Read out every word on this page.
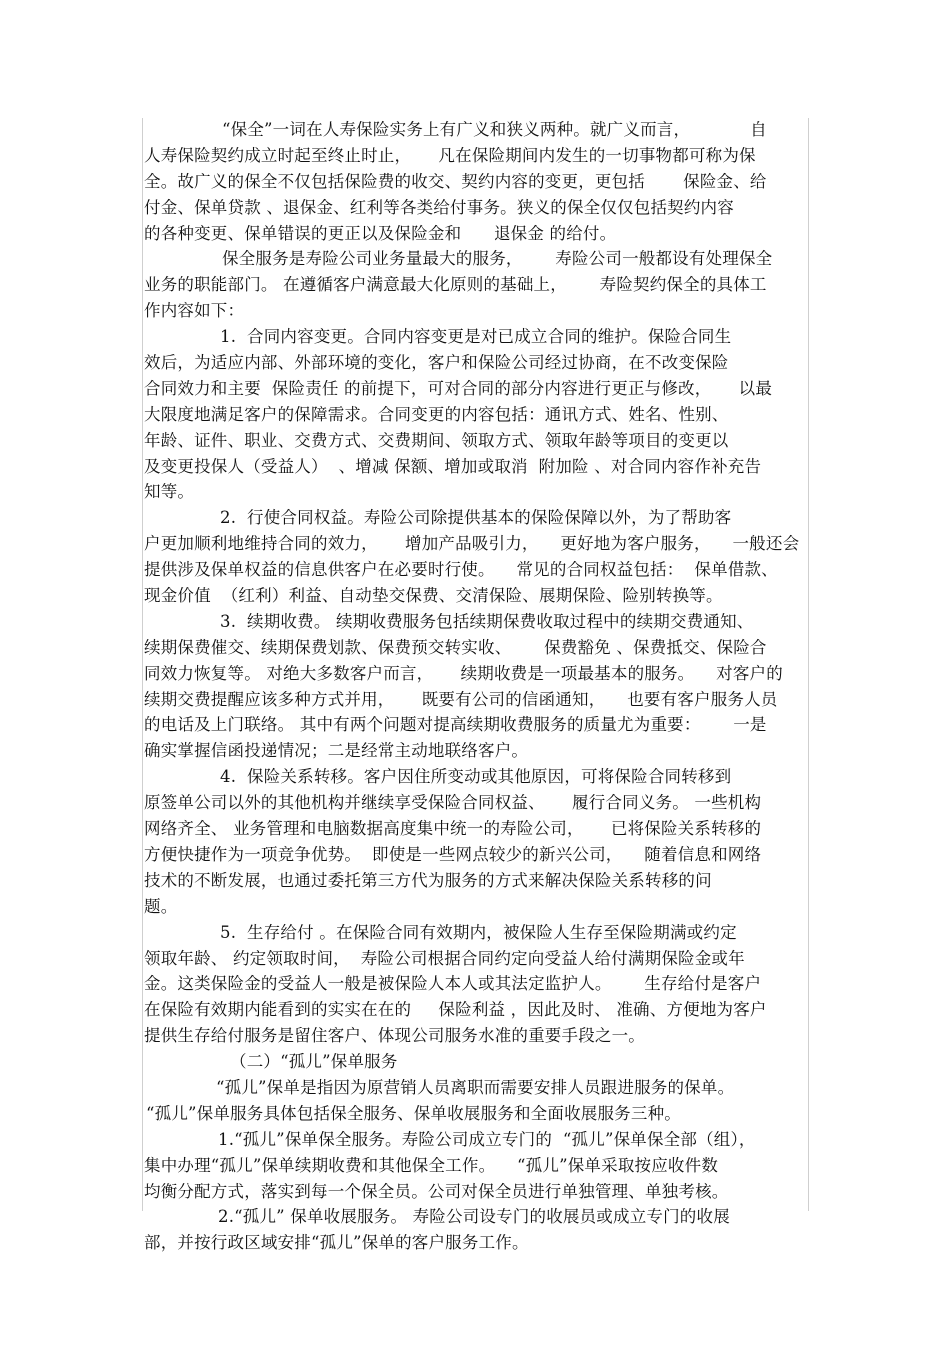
“保全”一词在人寿保险实务上有广义和狭义两种。就广义而言，           自
人寿保险契约成立时起至终止时止，     凡在保险期间内发生的一切事物都可称为保
全。故广义的保全不仅包括保险费的收交、契约内容的变更，更包括       保险金、给
付金、保单贷款 、退保金、红利等各类给付事务。狭义的保全仅仅包括契约内容
的各种变更、保单错误的更正以及保险金和      退保金 的给付。
保全服务是寿险公司业务量最大的服务，      寿险公司一般都设有处理保全
业务的职能部门。 在遵循客户满意最大化原则的基础上，      寿险契约保全的具体工
作内容如下：
1.  合同内容变更。合同内容变更是对已成立合同的维护。保险合同生
效后，为适应内部、外部环境的变化，客户和保险公司经过协商，在不改变保险
合同效力和主要  保险责任 的前提下，可对合同的部分内容进行更正与修改，     以最
大限度地满足客户的保障需求。合同变更的内容包括：通讯方式、姓名、性别、
年龄、证件、职业、交费方式、交费期间、领取方式、领取年龄等项目的变更以
及变更投保人（受益人）  、增减 保额、增加或取消  附加险 、对合同内容作补充告
知等。
2.  行使合同权益。寿险公司除提供基本的保险保障以外，为了帮助客
户更加顺利地维持合同的效力，     增加产品吸引力，    更好地为客户服务，    一般还会
提供涉及保单权益的信息供客户在必要时行使。    常见的合同权益包括：  保单借款、
现金价值  （红利）利益、自动垫交保费、交清保险、展期保险、险别转换等。
3.  续期收费。 续期收费服务包括续期保费收取过程中的续期交费通知、
续期保费催交、续期保费划款、保费预交转实收、      保费豁免 、保费抵交、保险合
同效力恢复等。 对绝大多数客户而言，     续期收费是一项最基本的服务。    对客户的
续期交费提醒应该多种方式并用，     既要有公司的信函通知，    也要有客户服务人员
的电话及上门联络。 其中有两个问题对提高续期收费服务的质量尤为重要：      一是
确实掌握信函投递情况；二是经常主动地联络客户。
4.  保险关系转移。客户因住所变动或其他原因，可将保险合同转移到
原签单公司以外的其他机构并继续享受保险合同权益、     履行合同义务。 一些机构
网络齐全、 业务管理和电脑数据高度集中统一的寿险公司，     已将保险关系转移的
方便快捷作为一项竞争优势。  即使是一些网点较少的新兴公司，    随着信息和网络
技术的不断发展，也通过委托第三方代为服务的方式来解决保险关系转移的问
题。
5.  生存给付 。在保险合同有效期内，被保险人生存至保险期满或约定
领取年龄、 约定领取时间，  寿险公司根据合同约定向受益人给付满期保险金或年
金。这类保险金的受益人一般是被保险人本人或其法定监护人。      生存给付是客户
在保险有效期内能看到的实实在在的     保险利益 ，因此及时、 准确、方便地为客户
提供生存给付服务是留住客户、体现公司服务水准的重要手段之一。
（二）“孤儿”保单服务
“孤儿”保单是指因为原营销人员离职而需要安排人员跟进服务的保单。
“孤儿”保单服务具体包括保全服务、保单收展服务和全面收展服务三种。
1.“孤儿”保单保全服务。寿险公司成立专门的  “孤儿”保单保全部（组），
集中办理“孤儿”保单续期收费和其他保全工作。    “孤儿”保单采取按应收件数
均衡分配方式，落实到每一个保全员。公司对保全员进行单独管理、单独考核。
2.“孤儿” 保单收展服务。 寿险公司设专门的收展员或成立专门的收展
部，并按行政区域安排“孤儿”保单的客户服务工作。
